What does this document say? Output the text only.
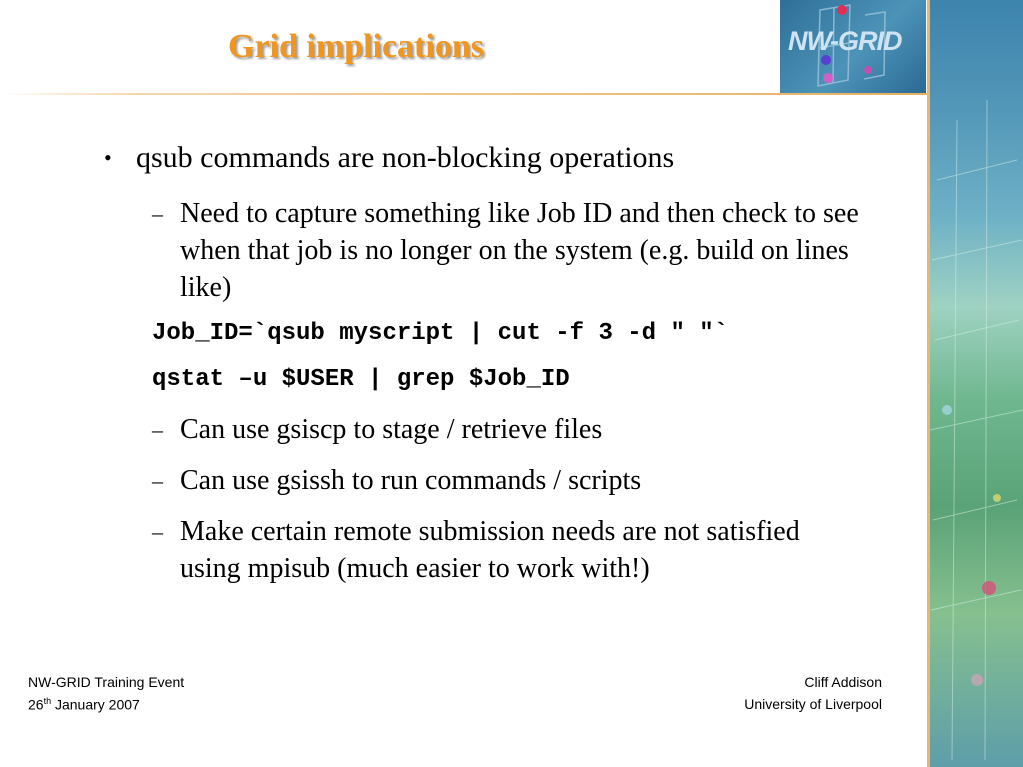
Grid implications	NW-GRID
• qsub commands are non-blocking operations
– Need to capture something like Job ID and then check to see when that job is no longer on the system (e.g. build on lines like)
Job_ID=`qsub myscript | cut -f 3 -d " "`
qstat –u $USER | grep $Job_ID
– Can use gsiscp to stage / retrieve files
– Can use gsissh to run commands / scripts
– Make certain remote submission needs are not satisfied using mpisub (much easier to work with!)
NW-GRID Training Event
26th January 2007
Cliff Addison
University of Liverpool
